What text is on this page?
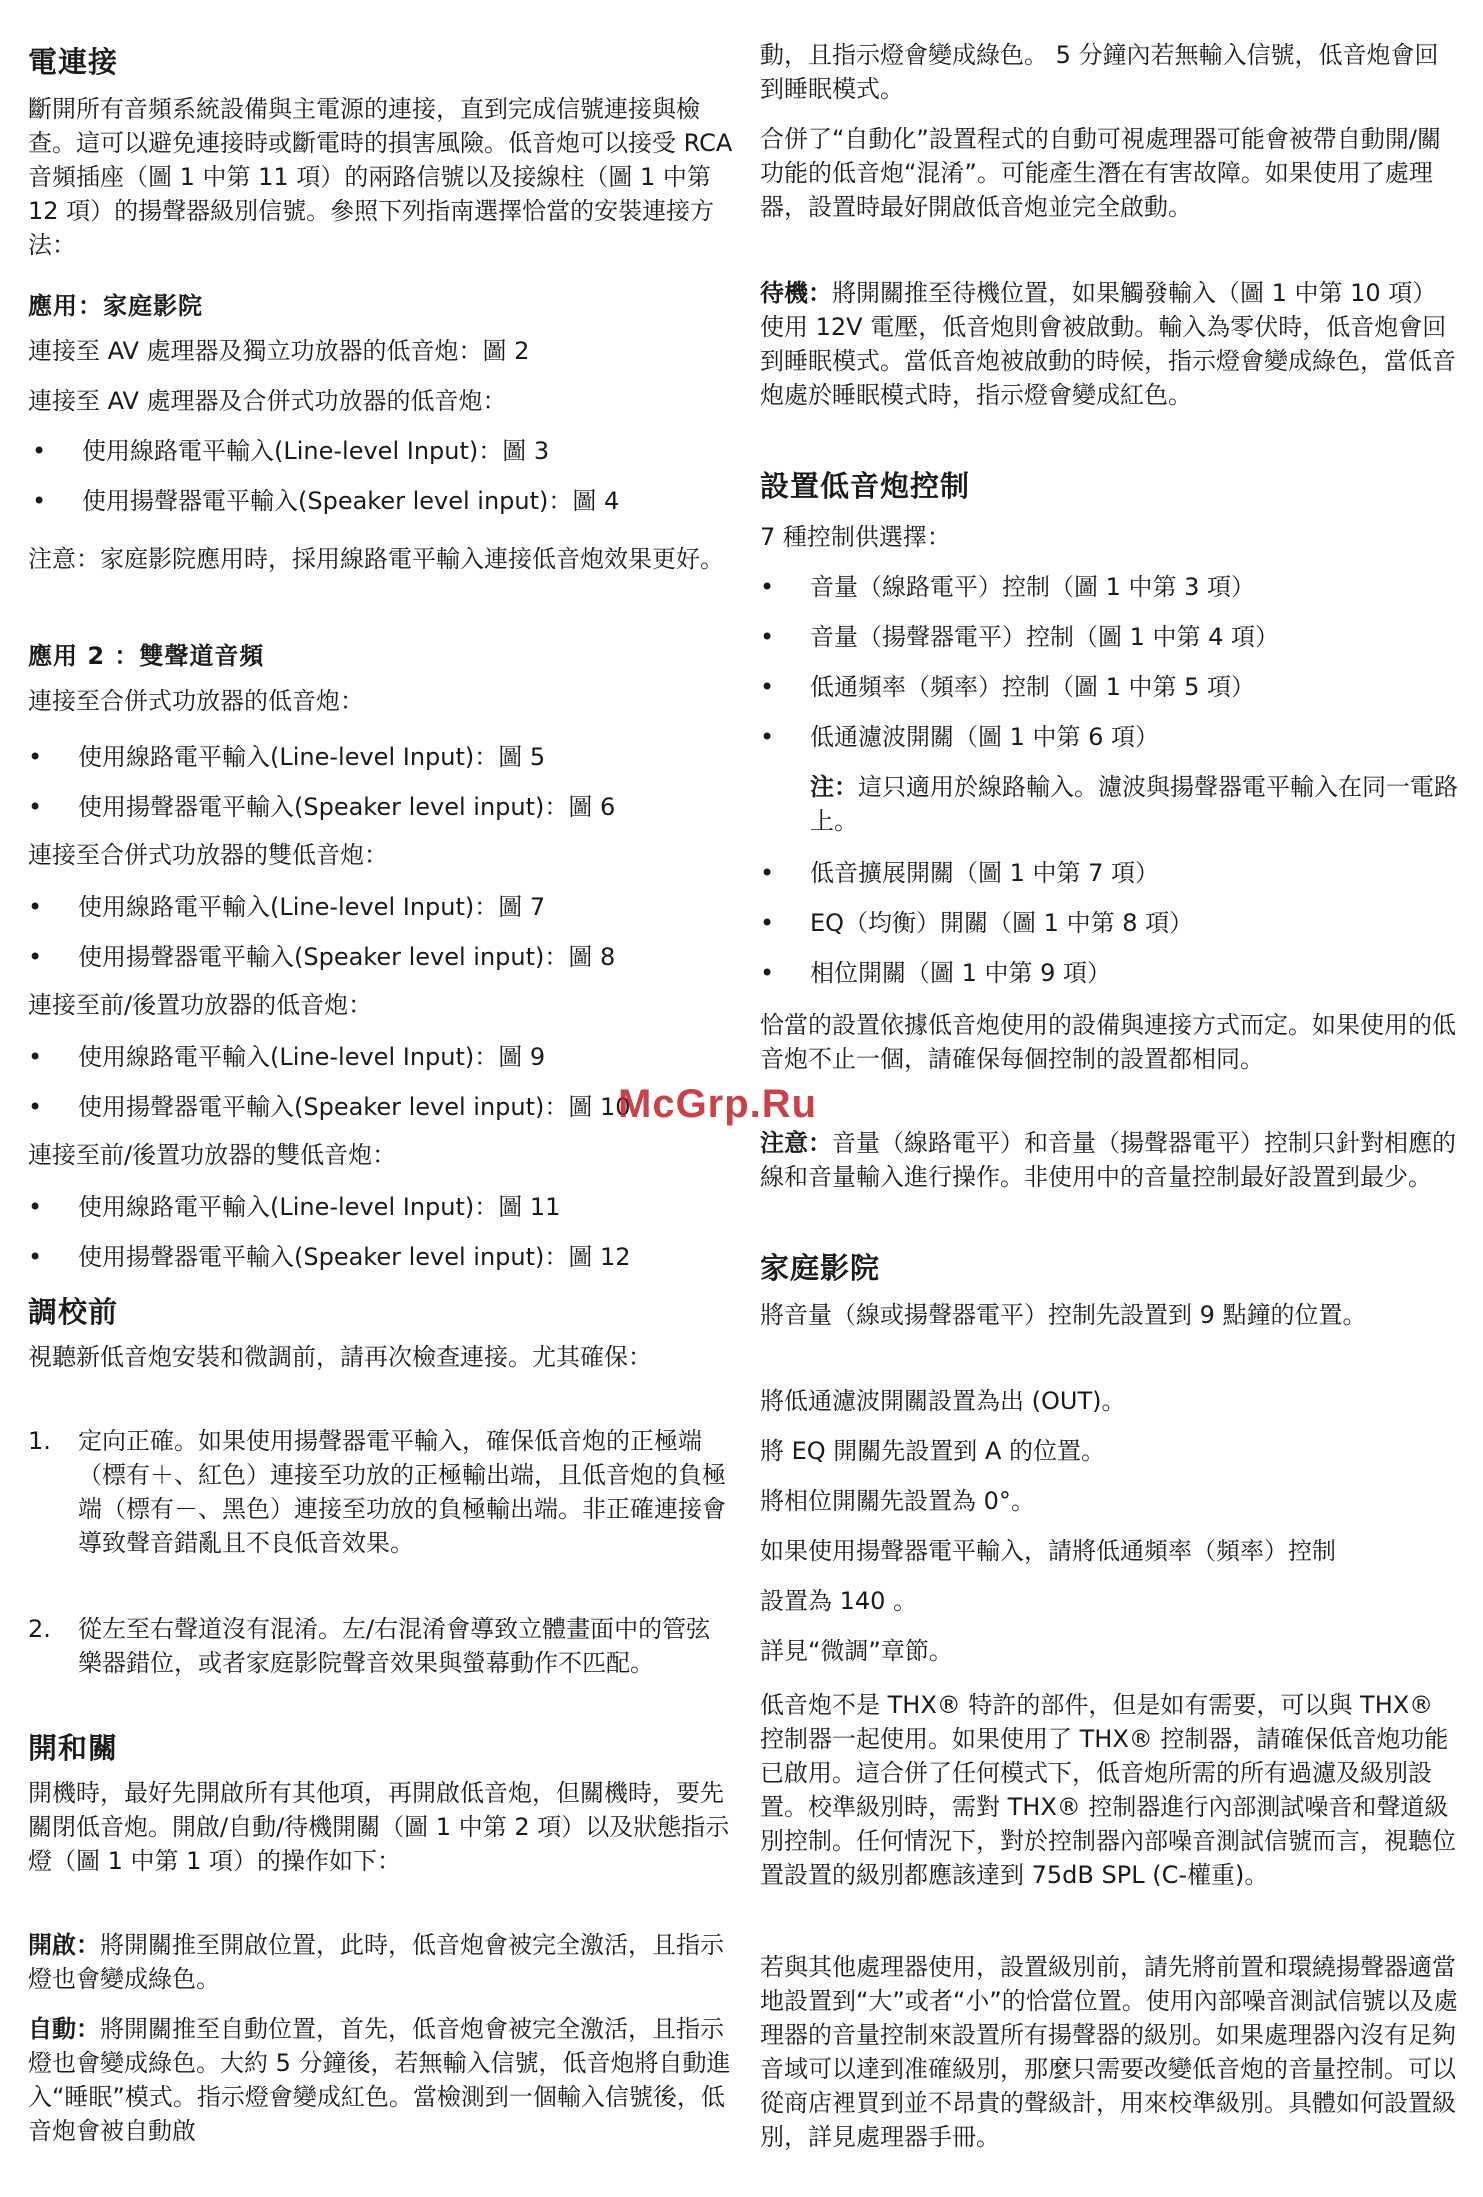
電連接

斷開所有音頻系統設備與主電源的連接，直到完成信號連接與檢查。這可以避免連接時或斷電時的損害風險。低音炮可以接受 RCA 音頻插座（圖 1 中第 11 項）的兩路信號以及接線柱（圖 1 中第 12 項）的揚聲器級別信號。參照下列指南選擇恰當的安裝連接方法：

應用：家庭影院

連接至 AV 處理器及獨立功放器的低音炮：圖 2

連接至 AV 處理器及合併式功放器的低音炮：

•	使用線路電平輸入(Line-level Input)：圖 3
•	使用揚聲器電平輸入(Speaker level input)：圖 4

注意：家庭影院應用時，採用線路電平輸入連接低音炮效果更好。

應用 2 ：雙聲道音頻

連接至合併式功放器的低音炮：

•	使用線路電平輸入(Line-level Input)：圖 5
•	使用揚聲器電平輸入(Speaker level input)：圖 6

連接至合併式功放器的雙低音炮：

•	使用線路電平輸入(Line-level Input)：圖 7
•	使用揚聲器電平輸入(Speaker level input)：圖 8

連接至前/後置功放器的低音炮：

•	使用線路電平輸入(Line-level Input)：圖 9
•	使用揚聲器電平輸入(Speaker level input)：圖 10

連接至前/後置功放器的雙低音炮：

•	使用線路電平輸入(Line-level Input)：圖 11
•	使用揚聲器電平輸入(Speaker level input)：圖 12
調校前

視聽新低音炮安裝和微調前，請再次檢查連接。尤其確保：

1.	定向正確。如果使用揚聲器電平輸入，確保低音炮的正極端（標有＋、紅色）連接至功放的正極輸出端，且低音炮的負極端（標有－、黑色）連接至功放的負極輸出端。非正確連接會導致聲音錯亂且不良低音效果。
2.	從左至右聲道沒有混淆。左/右混淆會導致立體畫面中的管弦樂器錯位，或者家庭影院聲音效果與螢幕動作不匹配。
開和關

開機時，最好先開啟所有其他項，再開啟低音炮，但關機時，要先關閉低音炮。開啟/自動/待機開關（圖 1 中第 2 項）以及狀態指示燈（圖 1 中第 1 項）的操作如下：

開啟：將開關推至開啟位置，此時，低音炮會被完全激活，且指示燈也會變成綠色。

自動：將開關推至自動位置，首先，低音炮會被完全激活，且指示燈也會變成綠色。大約 5 分鐘後，若無輸入信號，低音炮將自動進入“睡眠”模式。指示燈會變成紅色。當檢測到一個輸入信號後，低音炮會被自動啟

動，且指示燈會變成綠色。 5 分鐘內若無輸入信號，低音炮會回到睡眠模式。

合併了“自動化”設置程式的自動可視處理器可能會被帶自動開/關功能的低音炮“混淆”。可能產生潛在有害故障。如果使用了處理器，設置時最好開啟低音炮並完全啟動。

待機：將開關推至待機位置，如果觸發輸入（圖 1 中第 10 項）使用 12V 電壓，低音炮則會被啟動。輸入為零伏時，低音炮會回到睡眠模式。當低音炮被啟動的時候，指示燈會變成綠色，當低音炮處於睡眠模式時，指示燈會變成紅色。

設置低音炮控制

7 種控制供選擇：

•	音量（線路電平）控制（圖 1 中第 3 項）
•	音量（揚聲器電平）控制（圖 1 中第 4 項）
•	低通頻率（頻率）控制（圖 1 中第 5 項）
•	低通濾波開關（圖 1 中第 6 項）

注：這只適用於線路輸入。濾波與揚聲器電平輸入在同一電路上。

•	低音擴展開關（圖 1 中第 7 項）
•	EQ（均衡）開關（圖 1 中第 8 項）
•	相位開關（圖 1 中第 9 項）

恰當的設置依據低音炮使用的設備與連接方式而定。如果使用的低音炮不止一個，請確保每個控制的設置都相同。

注意：音量（線路電平）和音量（揚聲器電平）控制只針對相應的線和音量輸入進行操作。非使用中的音量控制最好設置到最少。

家庭影院

將音量（線或揚聲器電平）控制先設置到 9 點鐘的位置。

將低通濾波開關設置為出 (OUT)。

將 EQ 開關先設置到 A 的位置。

將相位開關先設置為 0°。

如果使用揚聲器電平輸入，請將低通頻率（頻率）控制

設置為 140 。

詳見“微調”章節。

低音炮不是 THX® 特許的部件，但是如有需要，可以與 THX® 控制器一起使用。如果使用了 THX® 控制器，請確保低音炮功能已啟用。這合併了任何模式下，低音炮所需的所有過濾及級別設置。校準級別時，需對 THX® 控制器進行內部測試噪音和聲道級別控制。任何情況下，對於控制器內部噪音測試信號而言，視聽位置設置的級別都應該達到 75dB SPL (C-權重)。

若與其他處理器使用，設置級別前，請先將前置和環繞揚聲器適當地設置到“大”或者“小”的恰當位置。使用內部噪音測試信號以及處理器的音量控制來設置所有揚聲器的級別。如果處理器內沒有足夠音域可以達到准確級別，那麼只需要改變低音炮的音量控制。可以從商店裡買到並不昂貴的聲級計，用來校準級別。具體如何設置級別，詳見處理器手冊。

McGrp.Ru
